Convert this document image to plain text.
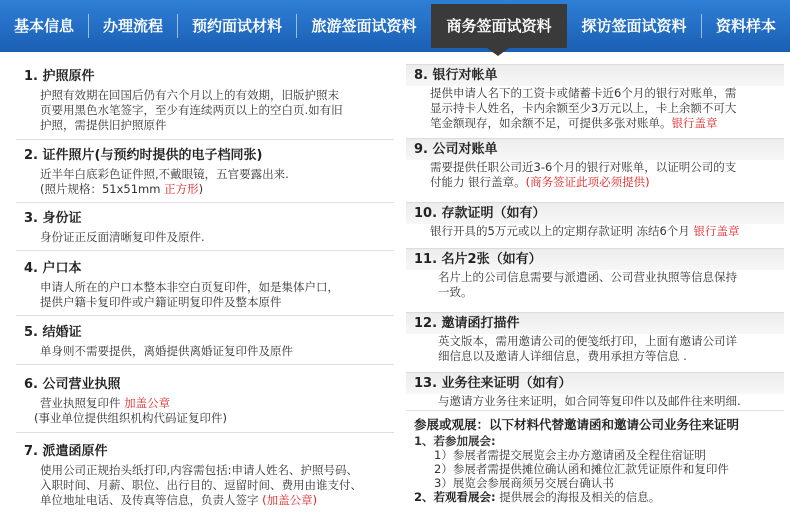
基本信息	办理流程	预约面试材料	旅游签面试资料	商务签面试资料	探访签面试资料	资料样本
1. 护照原件
护照有效期在回国后仍有六个月以上的有效期，旧版护照末
页要用黑色水笔签字，至少有连续两页以上的空白页.如有旧
护照，需提供旧护照原件
2. 证件照片(与预约时提供的电子档同张)
近半年白底彩色证件照,不戴眼镜，五官要露出来.
(照片规格：51x51mm 正方形)
3. 身份证
身份证正反面清晰复印件及原件.
4. 户口本
申请人所在的户口本整本非空白页复印件，如是集体户口，
提供户籍卡复印件或户籍证明复印件及整本原件
5. 结婚证
单身则不需要提供，离婚提供离婚证复印件及原件
6. 公司营业执照
营业执照复印件 加盖公章
(事业单位提供组织机构代码证复印件)
7. 派遣函原件
使用公司正规抬头纸打印,内容需包括:申请人姓名、护照号码、
入职时间、月薪、职位、出行目的、逗留时间、费用由谁支付、
单位地址电话、及传真等信息，负责人签字 (加盖公章)
8. 银行对帐单
提供申请人名下的工资卡或储蓄卡近6个月的银行对账单，需
显示持卡人姓名，卡内余额至少3万元以上，卡上余额不可大
笔金额现存，如余额不足，可提供多张对账单。银行盖章
9. 公司对账单
需要提供任职公司近3-6个月的银行对账单，以证明公司的支
付能力 银行盖章。(商务签证此项必须提供)
10. 存款证明（如有）
银行开具的5万元或以上的定期存款证明 冻结6个月 银行盖章
11. 名片2张（如有）
名片上的公司信息需要与派遣函、公司营业执照等信息保持
一致。
12. 邀请函打描件
英文版本，需用邀请公司的便笺纸打印，上面有邀请公司详
细信息以及邀请人详细信息，费用承担方等信息 .
13. 业务往来证明（如有）
与邀请方业务往来证明，如合同等复印件以及邮件往来明细.
参展或观展：以下材料代替邀请函和邀请公司业务往来证明
1、若参加展会:
1）参展者需提交展览会主办方邀请函及全程住宿证明
2）参展者需提供摊位确认函和摊位汇款凭证原件和复印件
3）展览会参展商须另交展台确认书
2、若观看展会: 提供展会的海报及相关的信息。
